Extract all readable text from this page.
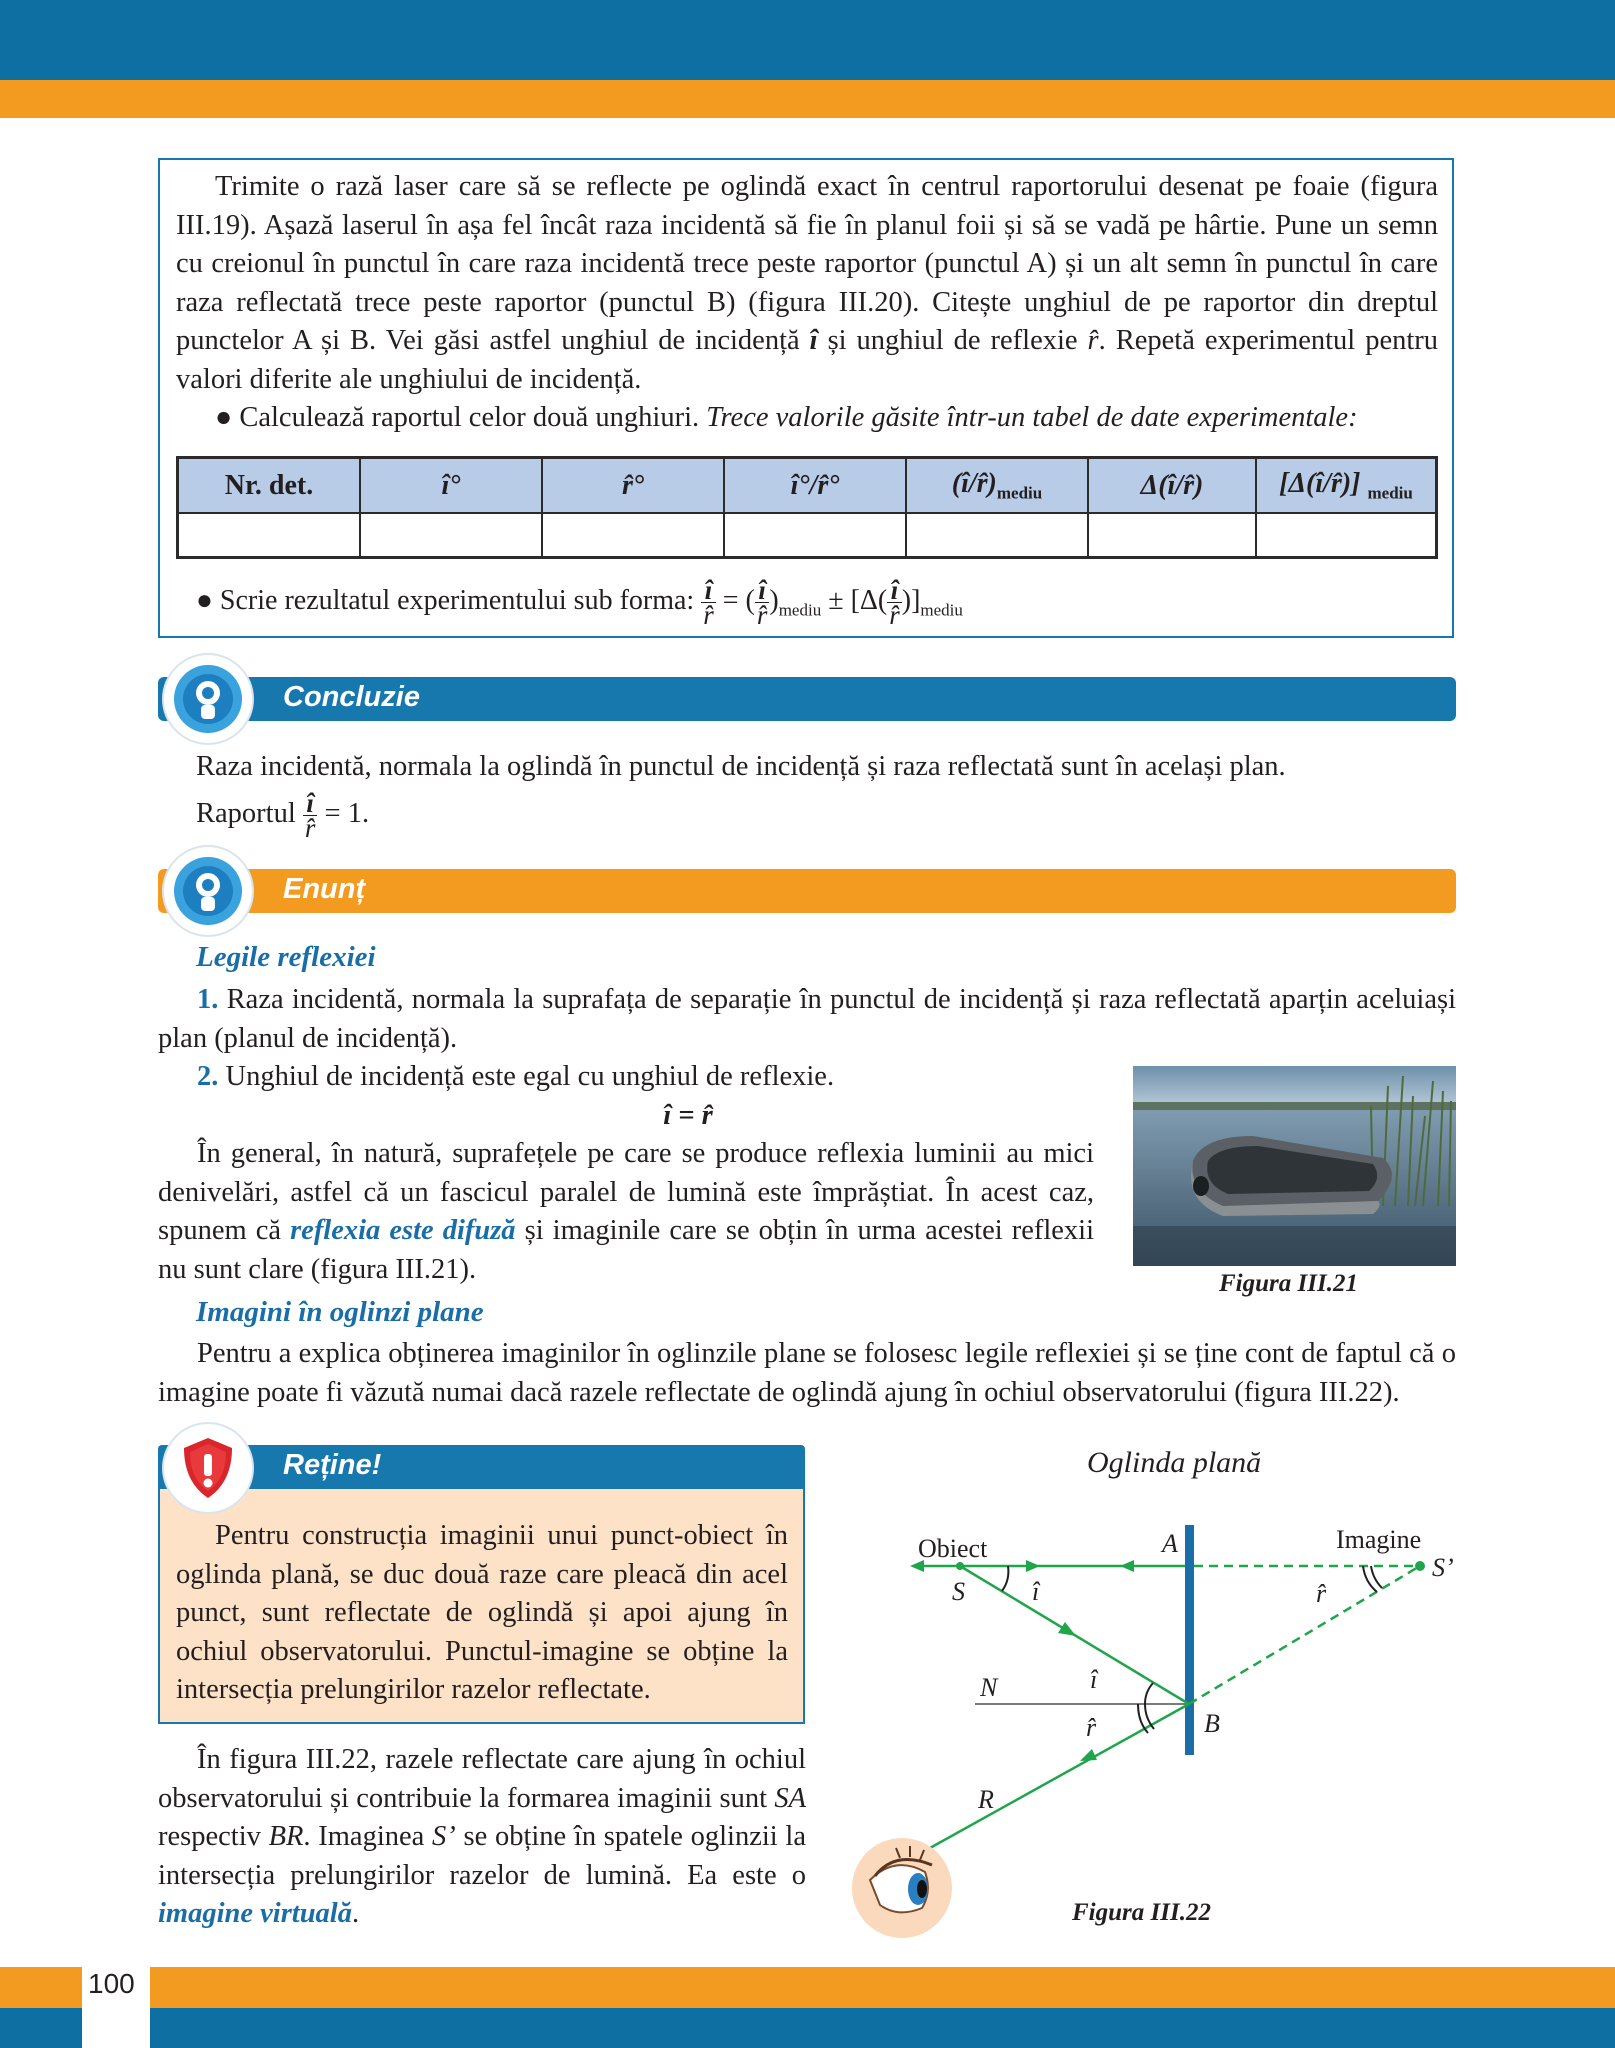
Trimite o rază laser care să se reflecte pe oglindă exact în centrul raportorului desenat pe foaie (figura III.19). Așază laserul în așa fel încât raza incidentă să fie în planul foii și să se vadă pe hârtie. Pune un semn cu creionul în punctul în care raza incidentă trece peste raportor (punctul A) și un alt semn în punctul în care raza reflectată trece peste raportor (punctul B) (figura III.20). Citește unghiul de pe raportor din dreptul punctelor A și B. Vei găsi astfel unghiul de incidență î și unghiul de reflexie r̂. Repetă experimentul pentru valori diferite ale unghiului de incidență.

● Calculează raportul celor două unghiuri. Trece valorile găsite într-un tabel de date experimentale:

Nr. det.	î°	r̂°	î°/r̂°	$(î/r̂)_{mediu}$	Δ(î/r̂)	[Δ(î/r̂)] $_{mediu}$

● Scrie rezultatul experimentului sub forma: $\frac{î}{r̂}$ = ( $\frac{î}{r̂} )_{mediu} \pm [\Delta( \frac{î}{r̂} )]_{mediu}$
Concluzie

Raza incidentă, normala la oglindă în punctul de incidență și raza reflectată sunt în același plan.

Raportul $\frac{î}{r̂} = 1$.

Enunț
Legile reflexiei

1. Raza incidentă, normala la suprafața de separație în punctul de incidență și raza reflectată aparțin aceluiași plan (planul de incidență).

2. Unghiul de incidență este egal cu unghiul de reflexie.

î = r̂

În general, în natură, suprafețele pe care se produce reflexia luminii au mici denivelări, astfel că un fascicul paralel de lumină este împrăștiat. În acest caz, spunem că reflexia este difuză și imaginile care se obțin în urma acestei reflexii nu sunt clare (figura III.21).	Figura III.21
Imagini în oglinzi plane

Pentru a explica obținerea imaginilor în oglinzile plane se folosesc legile reflexiei și se ține cont de faptul că o imagine poate fi văzută numai dacă razele reflectate de oglindă ajung în ochiul observatorului (figura III.22).

Reține!

Pentru construcția imaginii unui punct-obiect în oglinda plană, se duc două raze care pleacă din acel punct, sunt reflectate de oglindă și apoi ajung în ochiul observatorului. Punctul-imagine se obține la intersecția prelungirilor razelor reflectate.

În figura III.22, razele reflectate care ajung în ochiul observatorului și contribuie la formarea imaginii sunt SA respectiv BR. Imaginea S’ se obține în spatele oglinzii la intersecția prelungirilor razelor de lumină. Ea este o imagine virtuală.

Oglinda plană
Obiect	Imagine
A
B
S
S’
N
R
î
î
r̂
r̂
Figura III.22
100
